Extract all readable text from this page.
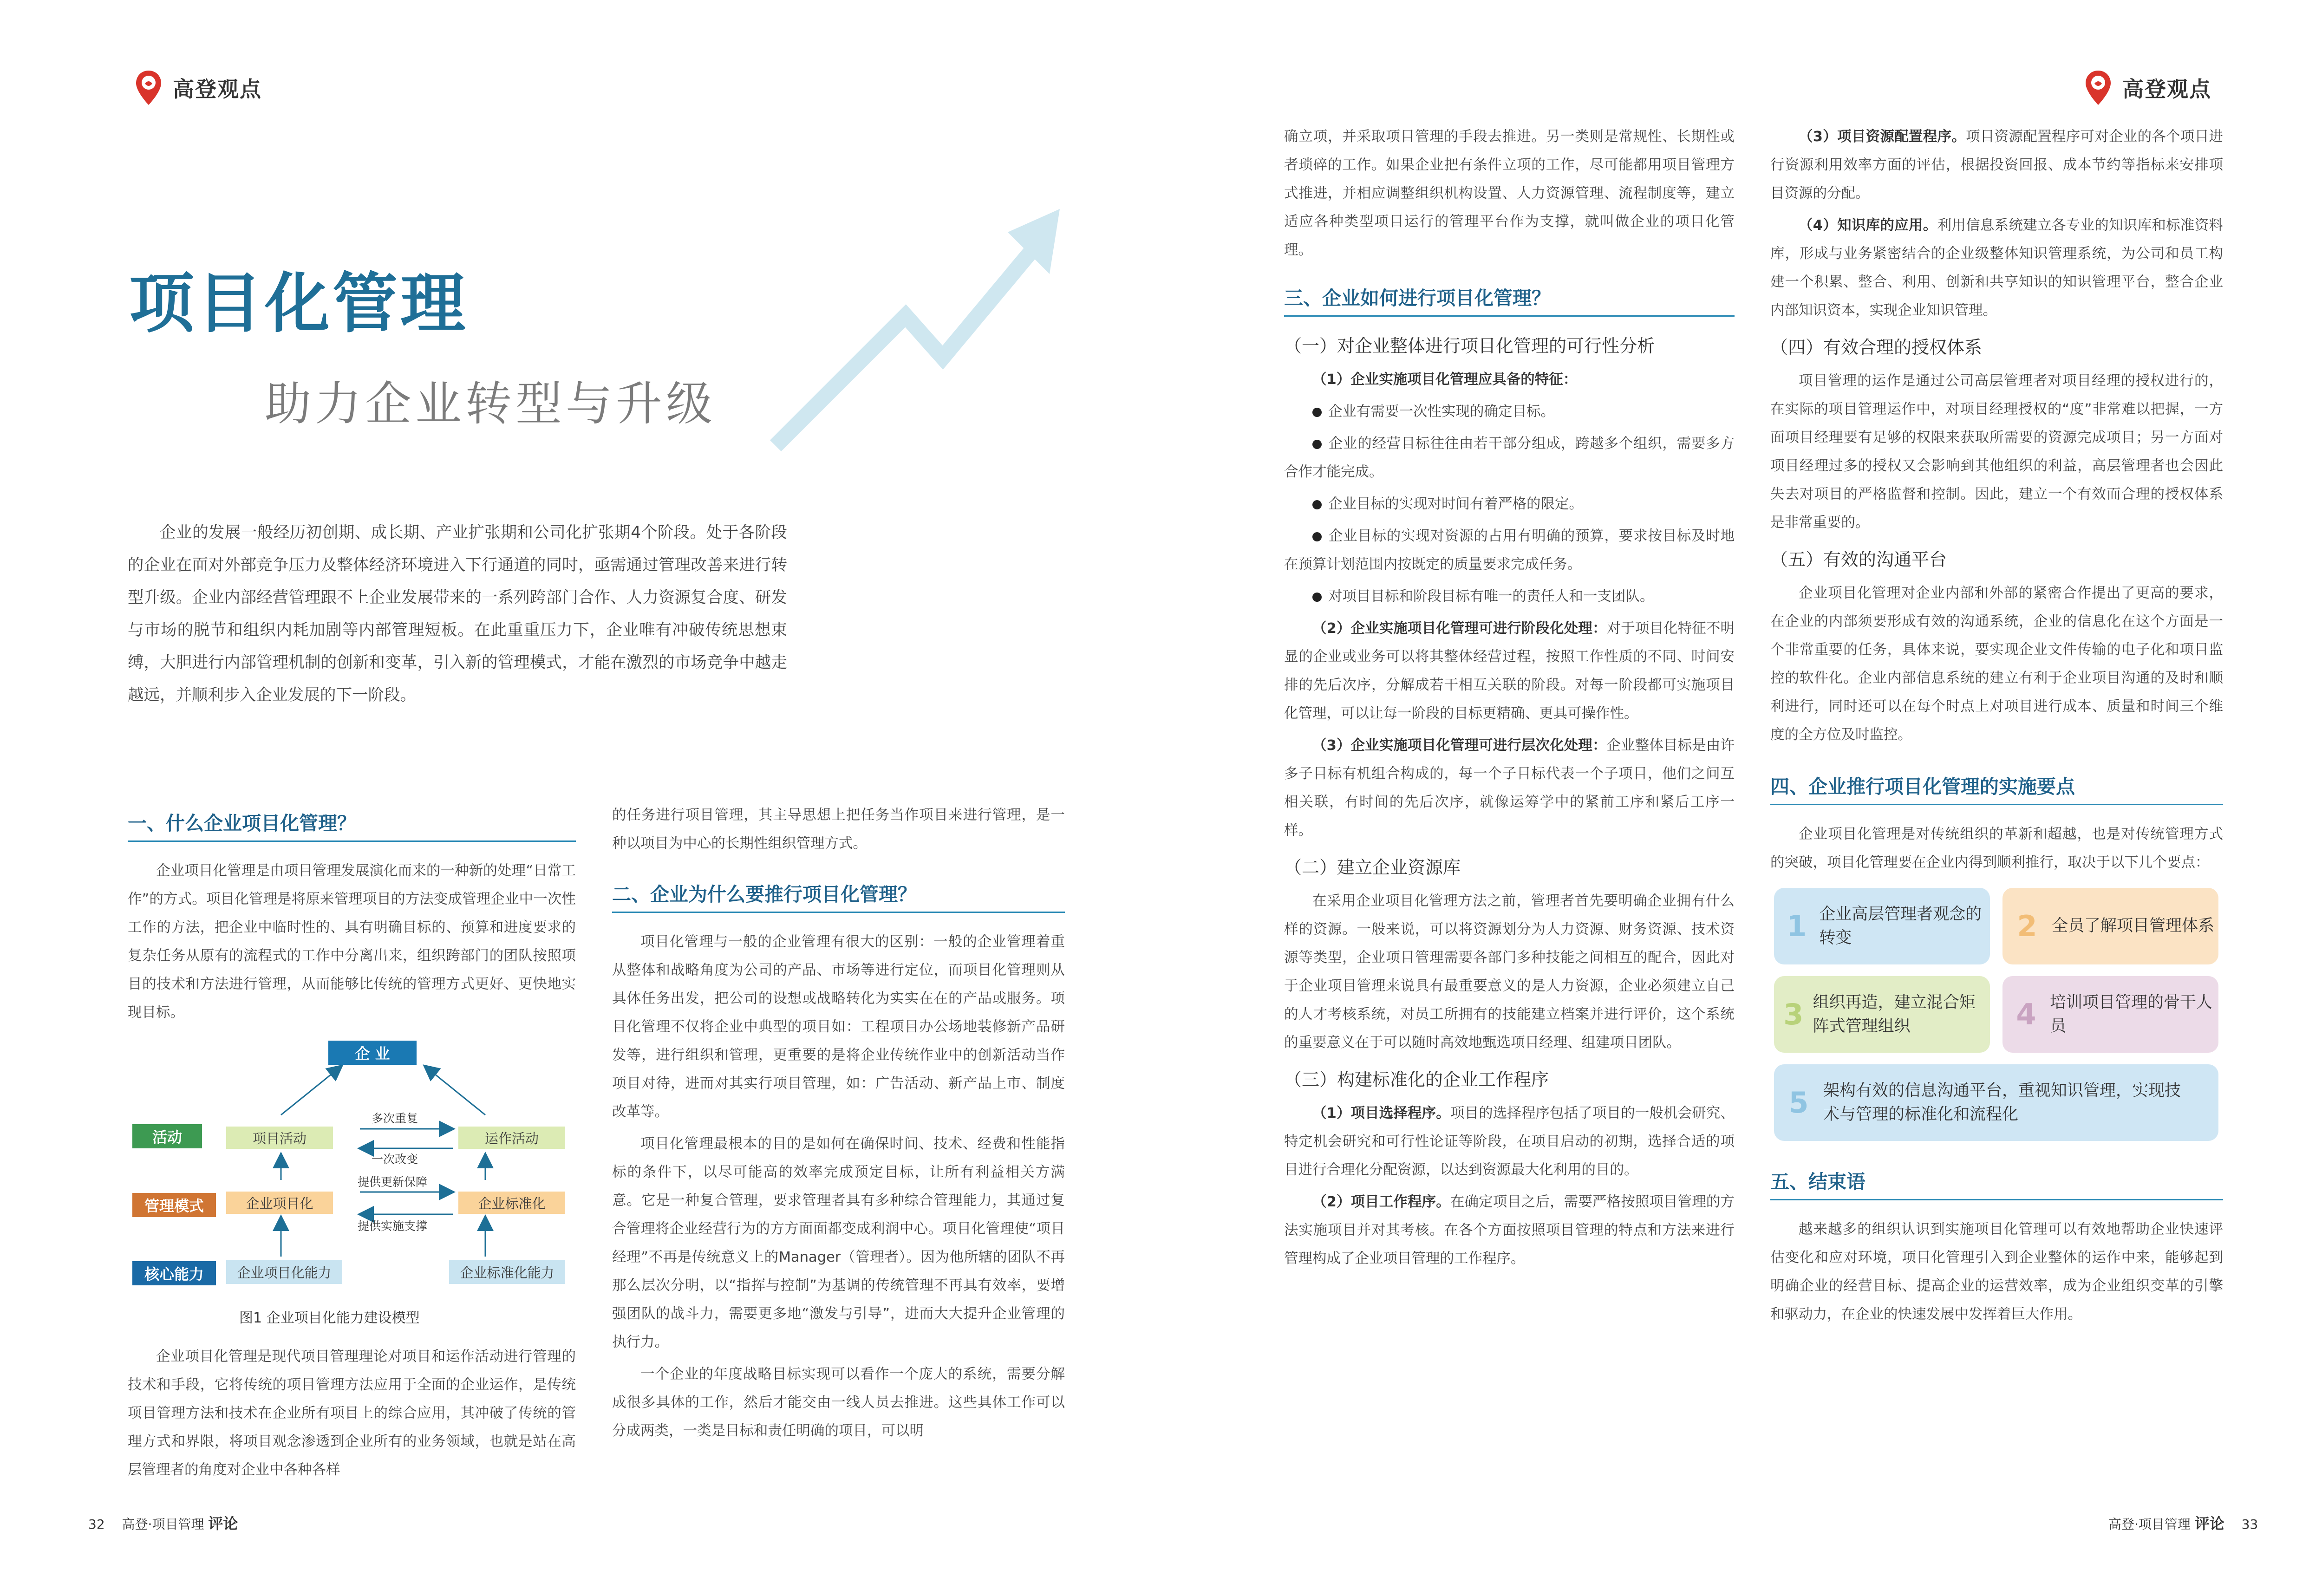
高登观点
项目化管理
助力企业转型与升级

企业的发展一般经历初创期、成长期、产业扩张期和公司化扩张期4个阶段。处于各阶段的企业在面对外部竞争压力及整体经济环境进入下行通道的同时，亟需通过管理改善来进行转型升级。企业内部经营管理跟不上企业发展带来的一系列跨部门合作、人力资源复合度、研发与市场的脱节和组织内耗加剧等内部管理短板。在此重重压力下，企业唯有冲破传统思想束缚，大胆进行内部管理机制的创新和变革，引入新的管理模式，才能在激烈的市场竞争中越走越远，并顺利步入企业发展的下一阶段。

一、什么企业项目化管理？

企业项目化管理是由项目管理发展演化而来的一种新的处理“日常工作”的方式。项目化管理是将原来管理项目的方法变成管理企业中一次性工作的方法，把企业中临时性的、具有明确目标的、预算和进度要求的复杂任务从原有的流程式的工作中分离出来，组织跨部门的团队按照项目的技术和方法进行管理，从而能够比传统的管理方式更好、更快地实现目标。

企 业
活动
管理模式
核心能力
项目活动	运作活动
企业项目化	企业标准化
企业项目化能力	企业标准化能力
多次重复
一次改变
提供更新保障
提供实施支撑
图1 企业项目化能力建设模型

企业项目化管理是现代项目管理理论对项目和运作活动进行管理的技术和手段，它将传统的项目管理方法应用于全面的企业运作，是传统项目管理方法和技术在企业所有项目上的综合应用，其冲破了传统的管理方式和界限，将项目观念渗透到企业所有的业务领域，也就是站在高层管理者的角度对企业中各种各样

的任务进行项目管理，其主导思想上把任务当作项目来进行管理，是一种以项目为中心的长期性组织管理方式。

二、企业为什么要推行项目化管理？

项目化管理与一般的企业管理有很大的区别：一般的企业管理着重从整体和战略角度为公司的产品、市场等进行定位，而项目化管理则从具体任务出发，把公司的设想或战略转化为实实在在的产品或服务。项目化管理不仅将企业中典型的项目如：工程项目办公场地装修新产品研发等，进行组织和管理，更重要的是将企业传统作业中的创新活动当作项目对待，进而对其实行项目管理，如：广告活动、新产品上市、制度改革等。

项目化管理最根本的目的是如何在确保时间、技术、经费和性能指标的条件下，以尽可能高的效率完成预定目标，让所有利益相关方满意。它是一种复合管理，要求管理者具有多种综合管理能力，其通过复合管理将企业经营行为的方方面面都变成利润中心。项目化管理使“项目经理”不再是传统意义上的Manager（管理者）。因为他所辖的团队不再那么层次分明，以“指挥与控制”为基调的传统管理不再具有效率，要增强团队的战斗力，需要更多地“激发与引导”，进而大大提升企业管理的执行力。

一个企业的年度战略目标实现可以看作一个庞大的系统，需要分解成很多具体的工作，然后才能交由一线人员去推进。这些具体工作可以分成两类，一类是目标和责任明确的项目，可以明

32 高登·项目管理 评论
高登观点

确立项，并采取项目管理的手段去推进。另一类则是常规性、长期性或者琐碎的工作。如果企业把有条件立项的工作，尽可能都用项目管理方式推进，并相应调整组织机构设置、人力资源管理、流程制度等，建立适应各种类型项目运行的管理平台作为支撑，就叫做企业的项目化管理。

三、企业如何进行项目化管理？
（一）对企业整体进行项目化管理的可行性分析

（1）企业实施项目化管理应具备的特征：

企业有需要一次性实现的确定目标。

企业的经营目标往往由若干部分组成，跨越多个组织，需要多方合作才能完成。

企业目标的实现对时间有着严格的限定。

企业目标的实现对资源的占用有明确的预算，要求按目标及时地在预算计划范围内按既定的质量要求完成任务。

对项目目标和阶段目标有唯一的责任人和一支团队。

（2）企业实施项目化管理可进行阶段化处理：对于项目化特征不明显的企业或业务可以将其整体经营过程，按照工作性质的不同、时间安排的先后次序，分解成若干相互关联的阶段。对每一阶段都可实施项目化管理，可以让每一阶段的目标更精确、更具可操作性。

（3）企业实施项目化管理可进行层次化处理：企业整体目标是由许多子目标有机组合构成的，每一个子目标代表一个子项目，他们之间互相关联，有时间的先后次序，就像运筹学中的紧前工序和紧后工序一样。

（二）建立企业资源库

在采用企业项目化管理方法之前，管理者首先要明确企业拥有什么样的资源。一般来说，可以将资源划分为人力资源、财务资源、技术资源等类型，企业项目管理需要各部门多种技能之间相互的配合，因此对于企业项目管理来说具有最重要意义的是人力资源，企业必须建立自己的人才考核系统，对员工所拥有的技能建立档案并进行评价，这个系统的重要意义在于可以随时高效地甄选项目经理、组建项目团队。

（三）构建标准化的企业工作程序

（1）项目选择程序。项目的选择程序包括了项目的一般机会研究、特定机会研究和可行性论证等阶段，在项目启动的初期，选择合适的项目进行合理化分配资源，以达到资源最大化利用的目的。

（2）项目工作程序。在确定项目之后，需要严格按照项目管理的方法实施项目并对其考核。在各个方面按照项目管理的特点和方法来进行管理构成了企业项目管理的工作程序。

（3）项目资源配置程序。项目资源配置程序可对企业的各个项目进行资源利用效率方面的评估，根据投资回报、成本节约等指标来安排项目资源的分配。

（4）知识库的应用。利用信息系统建立各专业的知识库和标准资料库，形成与业务紧密结合的企业级整体知识管理系统，为公司和员工构建一个积累、整合、利用、创新和共享知识的知识管理平台，整合企业内部知识资本，实现企业知识管理。

（四）有效合理的授权体系

项目管理的运作是通过公司高层管理者对项目经理的授权进行的，在实际的项目管理运作中，对项目经理授权的“度”非常难以把握，一方面项目经理要有足够的权限来获取所需要的资源完成项目；另一方面对项目经理过多的授权又会影响到其他组织的利益，高层管理者也会因此失去对项目的严格监督和控制。因此，建立一个有效而合理的授权体系是非常重要的。

（五）有效的沟通平台

企业项目化管理对企业内部和外部的紧密合作提出了更高的要求，在企业的内部须要形成有效的沟通系统，企业的信息化在这个方面是一个非常重要的任务，具体来说，要实现企业文件传输的电子化和项目监控的软件化。企业内部信息系统的建立有利于企业项目沟通的及时和顺利进行，同时还可以在每个时点上对项目进行成本、质量和时间三个维度的全方位及时监控。

四、企业推行项目化管理的实施要点

企业项目化管理是对传统组织的革新和超越，也是对传统管理方式的突破，项目化管理要在企业内得到顺利推行，取决于以下几个要点：

1 企业高层管理者观念的转变	2 全员了解项目管理体系
3 组织再造，建立混合矩阵式管理组织	4 培训项目管理的骨干人员
5 架构有效的信息沟通平台，重视知识管理，实现技术与管理的标准化和流程化
五、结束语

越来越多的组织认识到实施项目化管理可以有效地帮助企业快速评估变化和应对环境，项目化管理引入到企业整体的运作中来，能够起到明确企业的经营目标、提高企业的运营效率，成为企业组织变革的引擎和驱动力，在企业的快速发展中发挥着巨大作用。

高登·项目管理 评论 33
